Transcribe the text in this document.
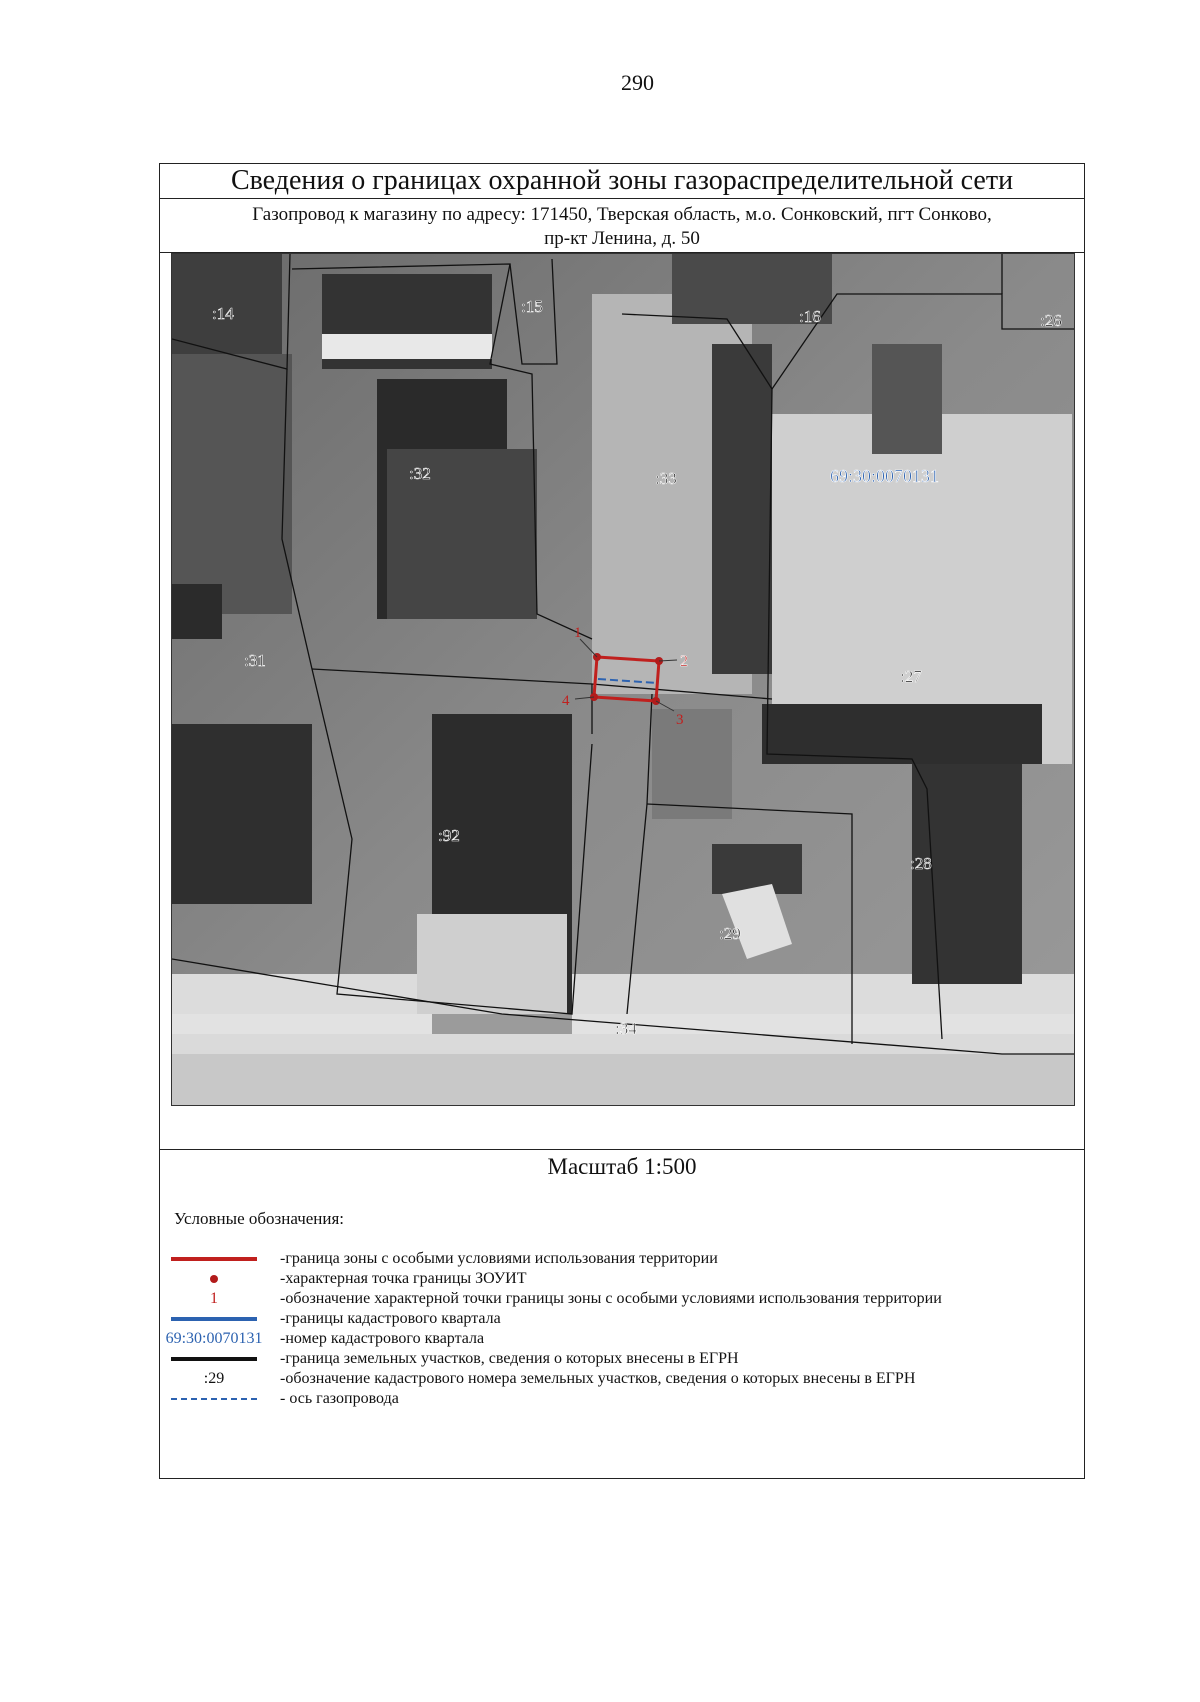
290
Сведения о границах охранной зоны газораспределительной сети
Газопровод к магазину по адресу: 171450, Тверская область, м.о. Сонковский, пгт Сонково,
пр-кт Ленина, д. 50
1
2
3
4
:14	:15
:16	:26
:32	:33
:31
:27
:92
:28
:29
:34
69:30:0070131
Масштаб 1:500
Условные обозначения:
-граница зоны с особыми условиями использования территории
-характерная точка границы ЗОУИТ
1	-обозначение характерной точки границы зоны с особыми условиями использования территории
-границы кадастрового квартала
69:30:0070131 -номер кадастрового квартала
-граница земельных участков, сведения о которых внесены в ЕГРН
:29	-обозначение кадастрового номера земельных участков, сведения о которых внесены в ЕГРН
- ось газопровода
